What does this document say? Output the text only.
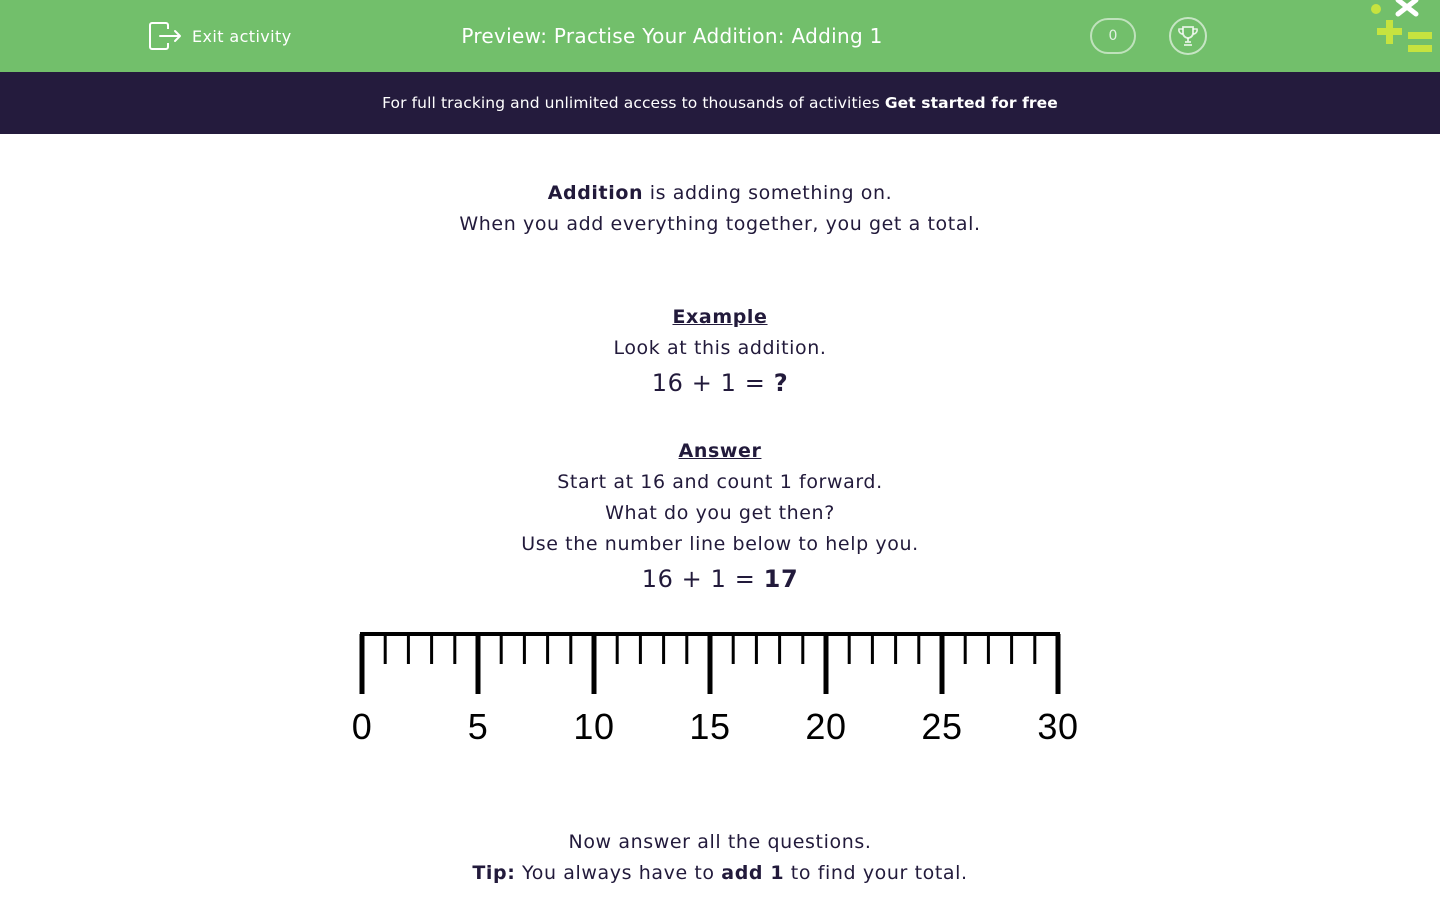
Exit activity	Preview: Practise Your Addition: Adding 1	0
For full tracking and unlimited access to thousands of activities Get started for free
Addition is adding something on.
When you add everything together, you get a total.
Example
Look at this addition.
16 + 1 = ?
Answer
Start at 16 and count 1 forward.
What do you get then?
Use the number line below to help you.
16 + 1 = 17
0	5 10 15 20 25 30
Now answer all the questions.
Tip: You always have to add 1 to find your total.
